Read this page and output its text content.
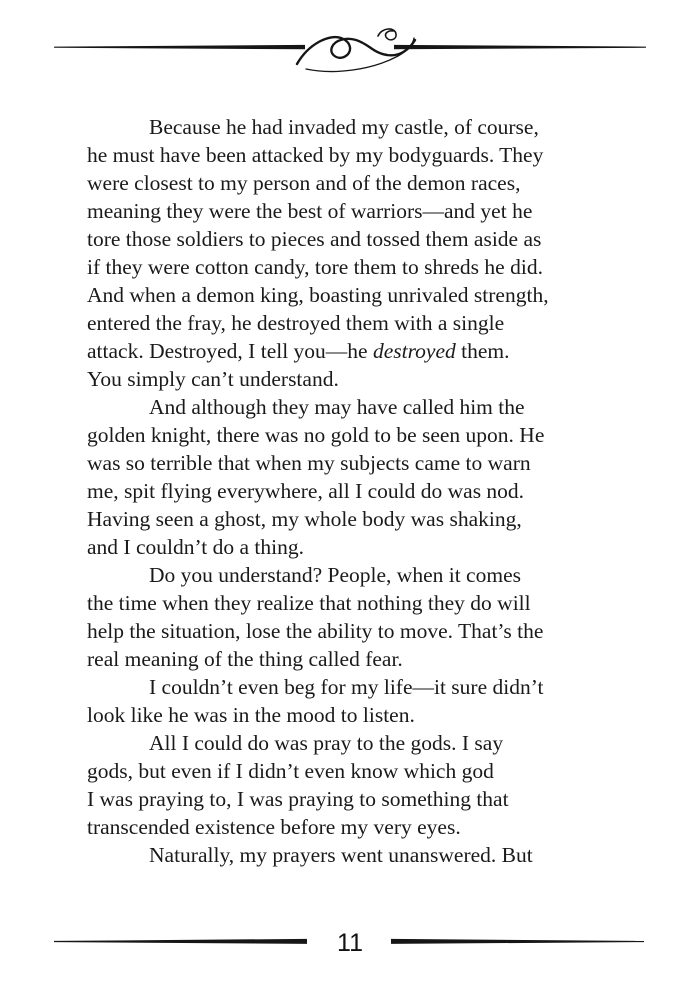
Because he had invaded my castle, of course,
he must have been attacked by my bodyguards. They
were closest to my person and of the demon races,
meaning they were the best of warriors—and yet he
tore those soldiers to pieces and tossed them aside as
if they were cotton candy, tore them to shreds he did.
And when a demon king, boasting unrivaled strength,
entered the fray, he destroyed them with a single
attack. Destroyed, I tell you—he destroyed them.
You simply can’t understand.
And although they may have called him the
golden knight, there was no gold to be seen upon. He
was so terrible that when my subjects came to warn
me, spit flying everywhere, all I could do was nod.
Having seen a ghost, my whole body was shaking,
and I couldn’t do a thing.
Do you understand? People, when it comes
the time when they realize that nothing they do will
help the situation, lose the ability to move. That’s the
real meaning of the thing called fear.
I couldn’t even beg for my life—it sure didn’t
look like he was in the mood to listen.
All I could do was pray to the gods. I say
gods, but even if I didn’t even know which god
I was praying to, I was praying to something that
transcended existence before my very eyes.
Naturally, my prayers went unanswered. But
11
